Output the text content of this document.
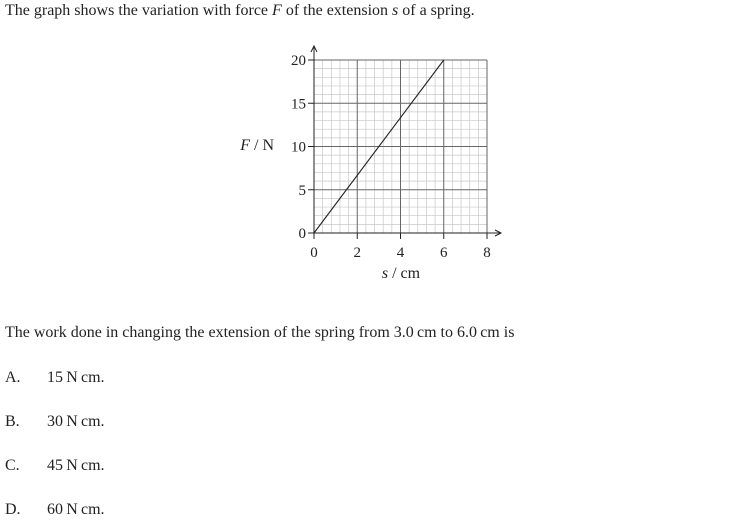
The graph shows the variation with force F of the extension s of a spring.
0
5
10
15
20
0 2 4 6 8
F / N
s / cm
The work done in changing the extension of the spring from 3.0 cm to 6.0 cm is
A. 15 N cm.
B. 30 N cm.
C. 45 N cm.
D. 60 N cm.
